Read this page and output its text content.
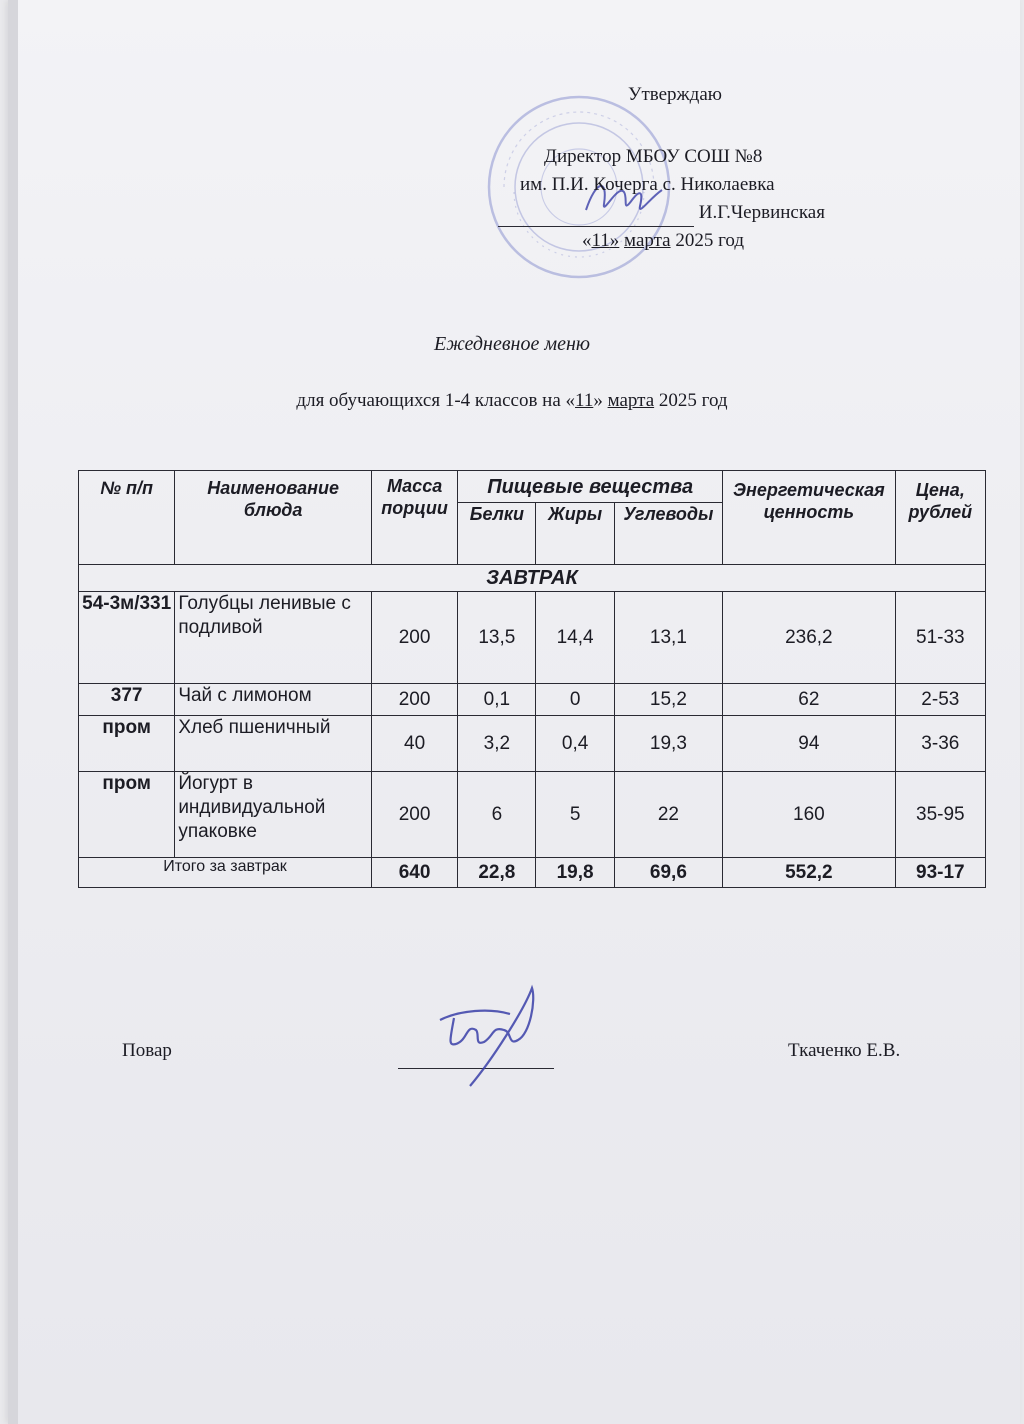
Утверждаю
Директор МБОУ СОШ №8
им. П.И. Кочерга с. Николаевка
И.Г.Червинская
«11» марта 2025 год
Ежедневное меню
для обучающихся 1-4 классов на «11» марта 2025 год
№ п/п	Наименование блюда	Масса порции	Пищевые вещества			Энергетическая ценность	Цена, рублей
			Белки	Жиры	Углеводы		
ЗАВТРАК							
54-3м/331	Голубцы ленивые с подливой	200	13,5	14,4	13,1	236,2	51-33
377	Чай с лимоном	200	0,1	0	15,2	62	2-53
пром	Хлеб пшеничный	40	3,2	0,4	19,3	94	3-36
пром	Йогурт в индивидуальной упаковке	200	6	5	22	160	35-95
Итого за завтрак		640	22,8	19,8	69,6	552,2	93-17
Повар	Ткаченко Е.В.
